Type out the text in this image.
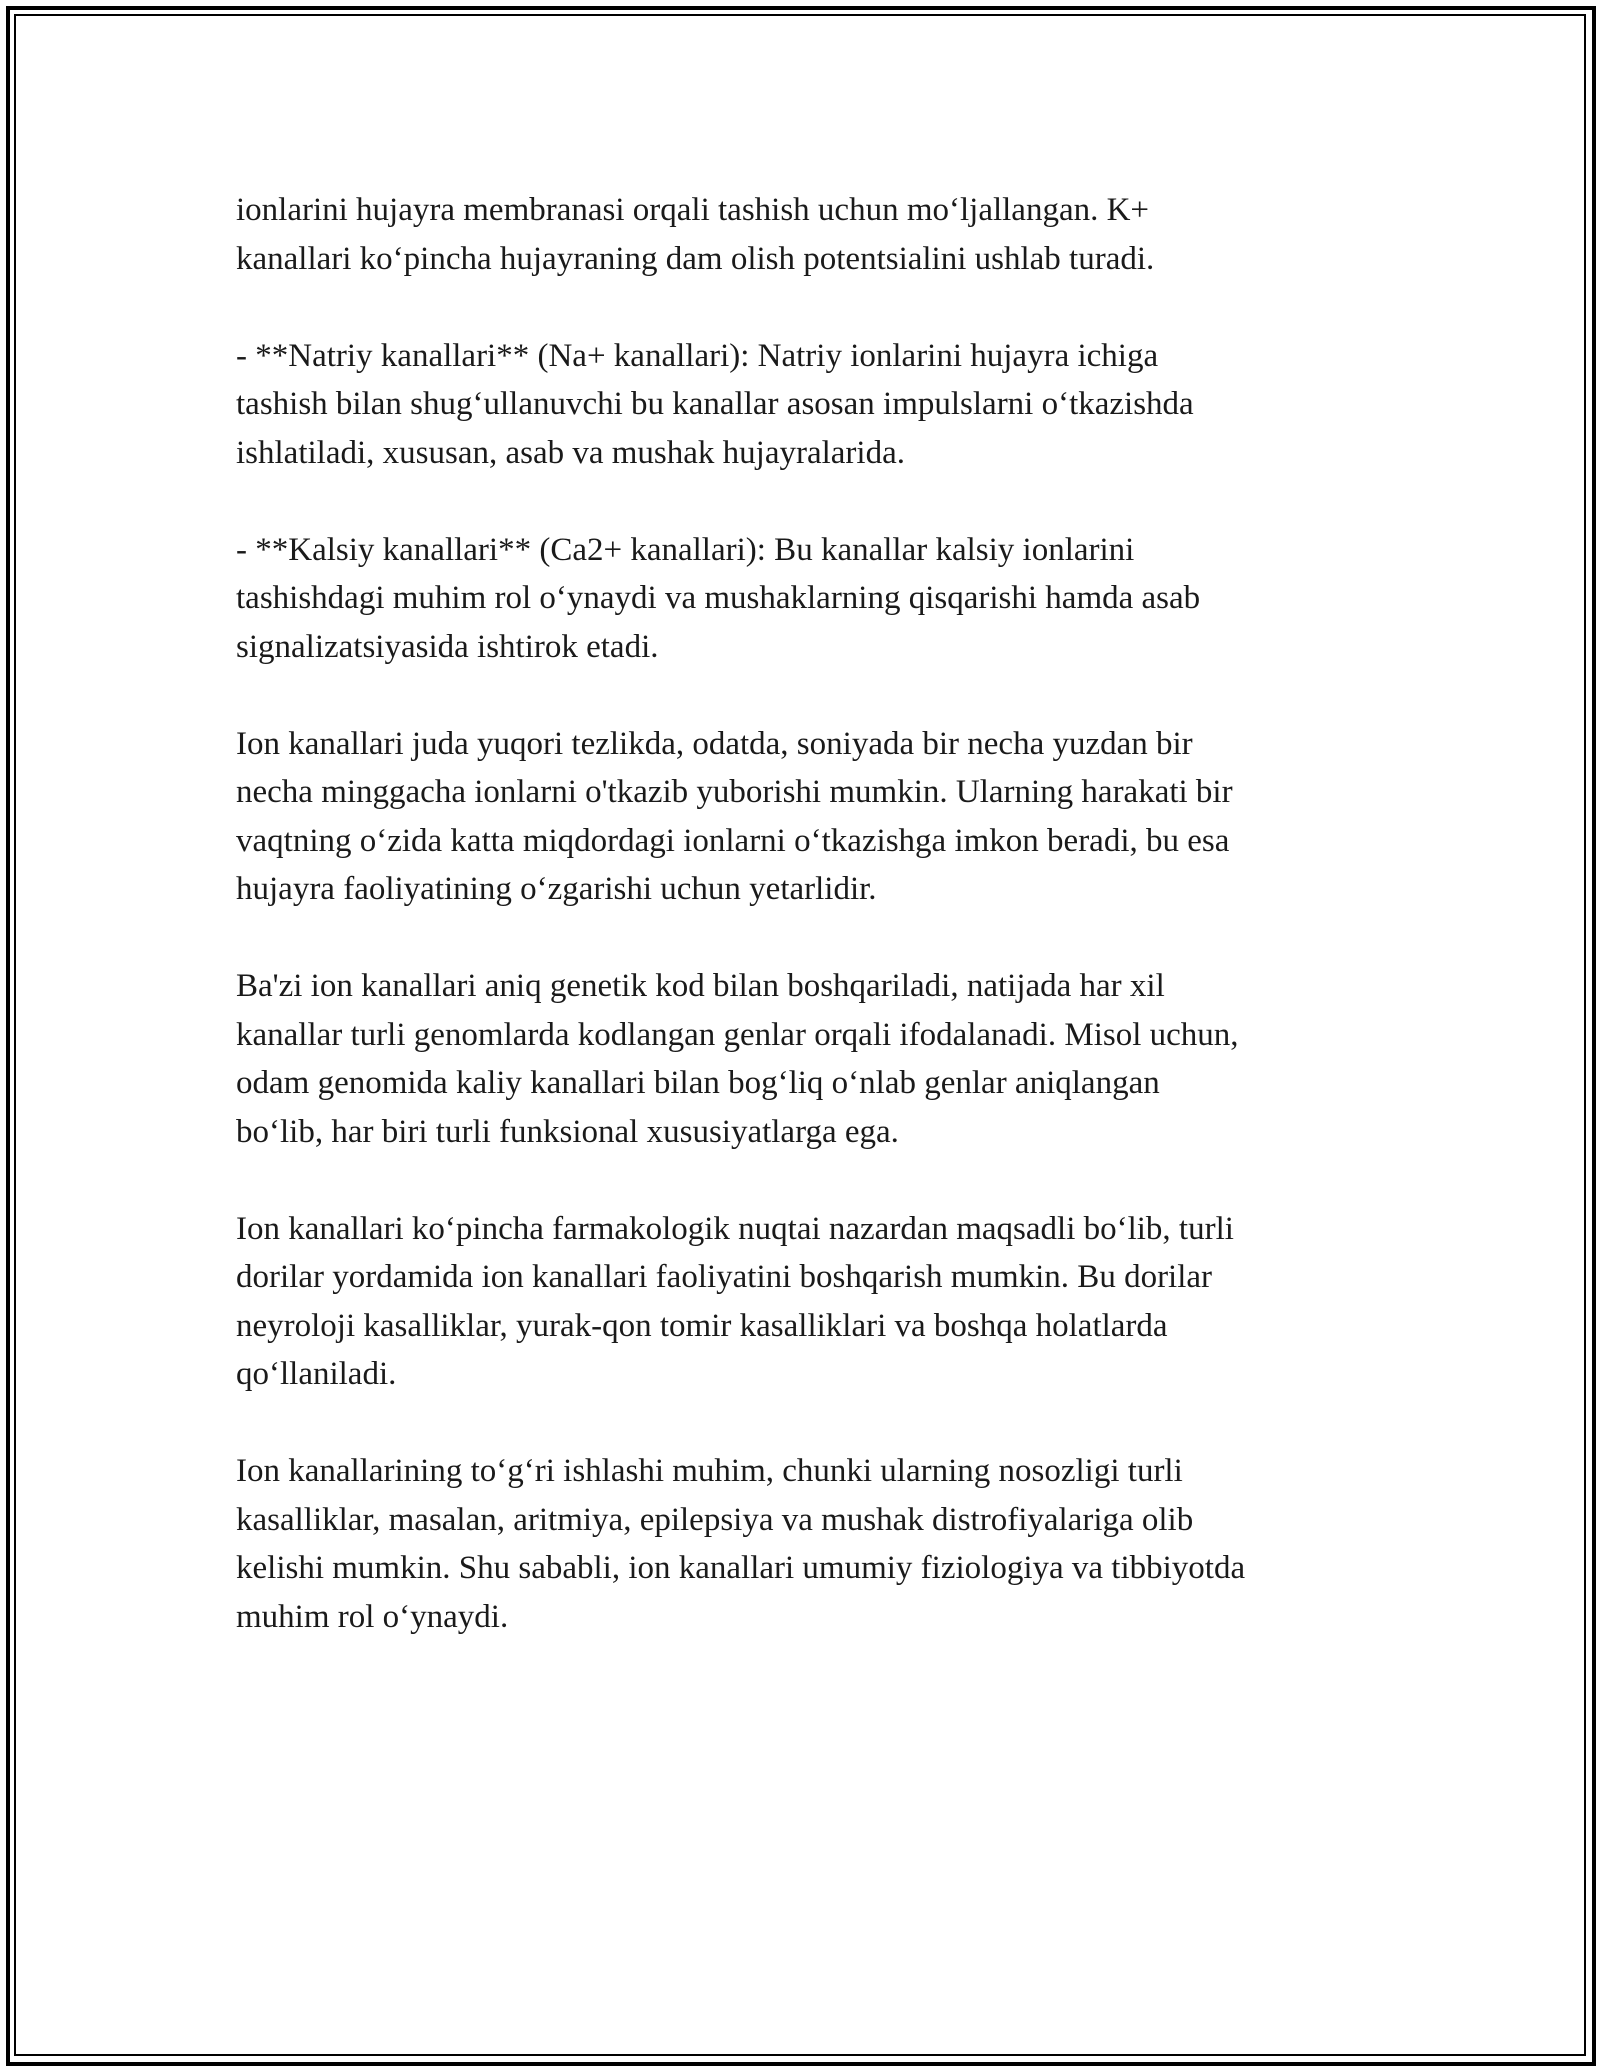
ionlarini hujayra membranasi orqali tashish uchun mo‘ljallangan. K+
kanallari ko‘pincha hujayraning dam olish potentsialini ushlab turadi.

- **Natriy kanallari** (Na+ kanallari): Natriy ionlarini hujayra ichiga
tashish bilan shug‘ullanuvchi bu kanallar asosan impulslarni o‘tkazishda
ishlatiladi, xususan, asab va mushak hujayralarida.

- **Kalsiy kanallari** (Ca2+ kanallari): Bu kanallar kalsiy ionlarini
tashishdagi muhim rol o‘ynaydi va mushaklarning qisqarishi hamda asab
signalizatsiyasida ishtirok etadi.

Ion kanallari juda yuqori tezlikda, odatda, soniyada bir necha yuzdan bir
necha minggacha ionlarni o'tkazib yuborishi mumkin. Ularning harakati bir
vaqtning o‘zida katta miqdordagi ionlarni o‘tkazishga imkon beradi, bu esa
hujayra faoliyatining o‘zgarishi uchun yetarlidir.

Ba'zi ion kanallari aniq genetik kod bilan boshqariladi, natijada har xil
kanallar turli genomlarda kodlangan genlar orqali ifodalanadi. Misol uchun,
odam genomida kaliy kanallari bilan bog‘liq o‘nlab genlar aniqlangan
bo‘lib, har biri turli funksional xususiyatlarga ega.

Ion kanallari ko‘pincha farmakologik nuqtai nazardan maqsadli bo‘lib, turli
dorilar yordamida ion kanallari faoliyatini boshqarish mumkin. Bu dorilar
neyroloji kasalliklar, yurak-qon tomir kasalliklari va boshqa holatlarda
qo‘llaniladi.

Ion kanallarining to‘g‘ri ishlashi muhim, chunki ularning nosozligi turli
kasalliklar, masalan, aritmiya, epilepsiya va mushak distrofiyalariga olib
kelishi mumkin. Shu sababli, ion kanallari umumiy fiziologiya va tibbiyotda
muhim rol o‘ynaydi.
